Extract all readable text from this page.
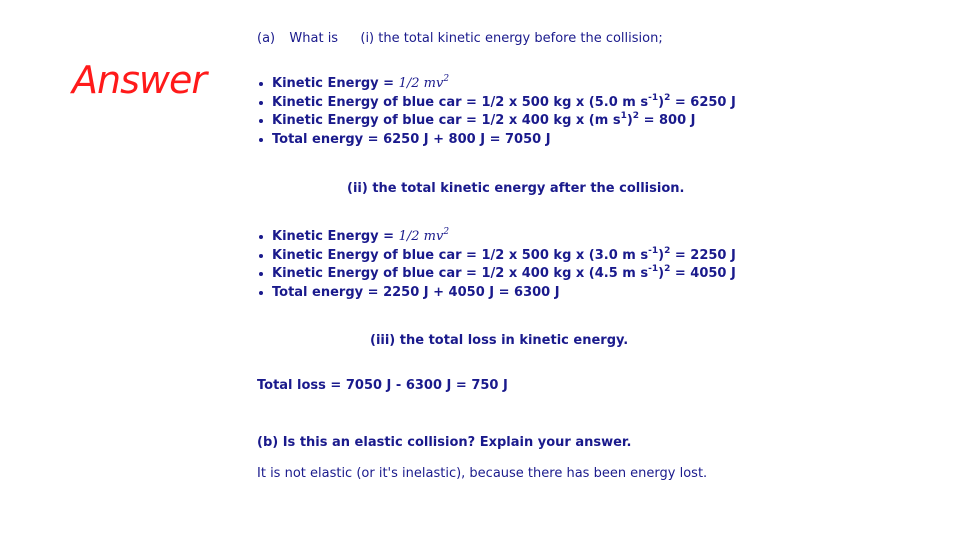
Answer
(a) What is (i) the total kinetic energy before the collision;
Kinetic Energy = 1/2 $mv^2$
Kinetic Energy of blue car = 1/2 x 500 kg x (5.0 m $s^{-1})^2 = 6250$ J
Kinetic Energy of blue car = 1/2 x 400 kg x (m $s^1)^2 = 800$ J
Total energy = 6250 J + 800 J = 7050 J
(ii) the total kinetic energy after the collision.
Kinetic Energy = 1/2 $mv^2$
Kinetic Energy of blue car = 1/2 x 500 kg x (3.0 m $s^{-1})^2 = 2250$ J
Kinetic Energy of blue car = 1/2 x 400 kg x (4.5 m $s^{-1})^2 = 4050$ J
Total energy = 2250 J + 4050 J = 6300 J
(iii) the total loss in kinetic energy.
Total loss = 7050 J - 6300 J = 750 J
(b) Is this an elastic collision? Explain your answer.
It is not elastic (or it's inelastic), because there has been energy lost.
